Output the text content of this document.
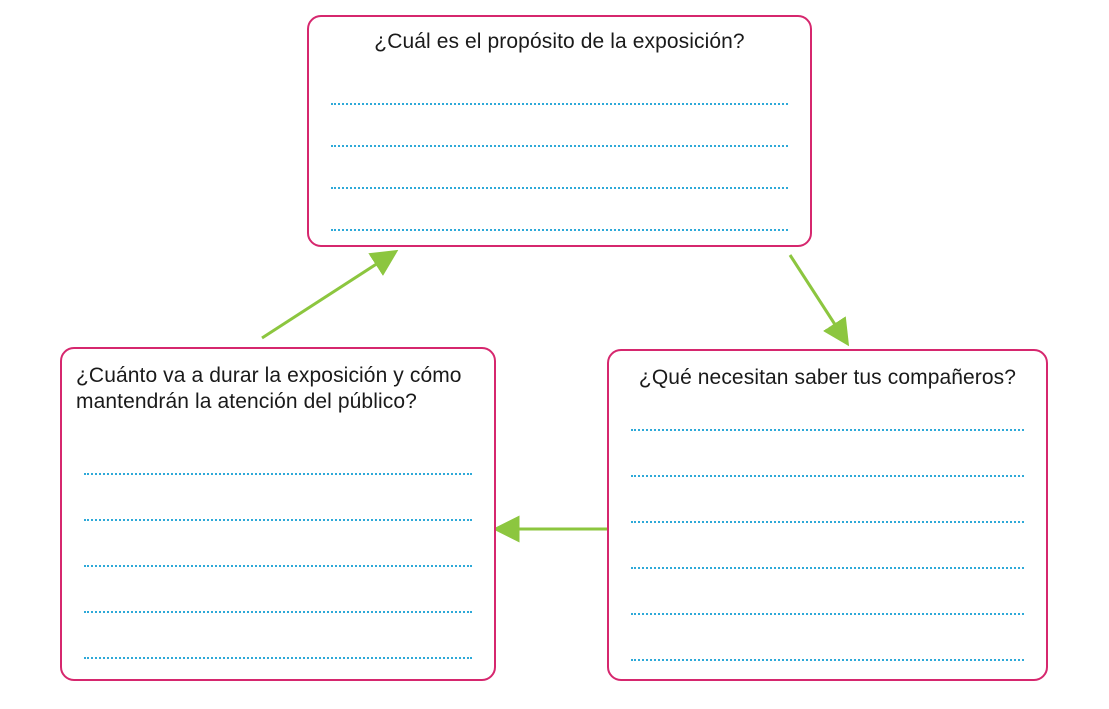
¿Cuál es el propósito de la exposición?
¿Cuánto va a durar la exposición y cómo mantendrán la atención del público?
¿Qué necesitan saber tus compañeros?
